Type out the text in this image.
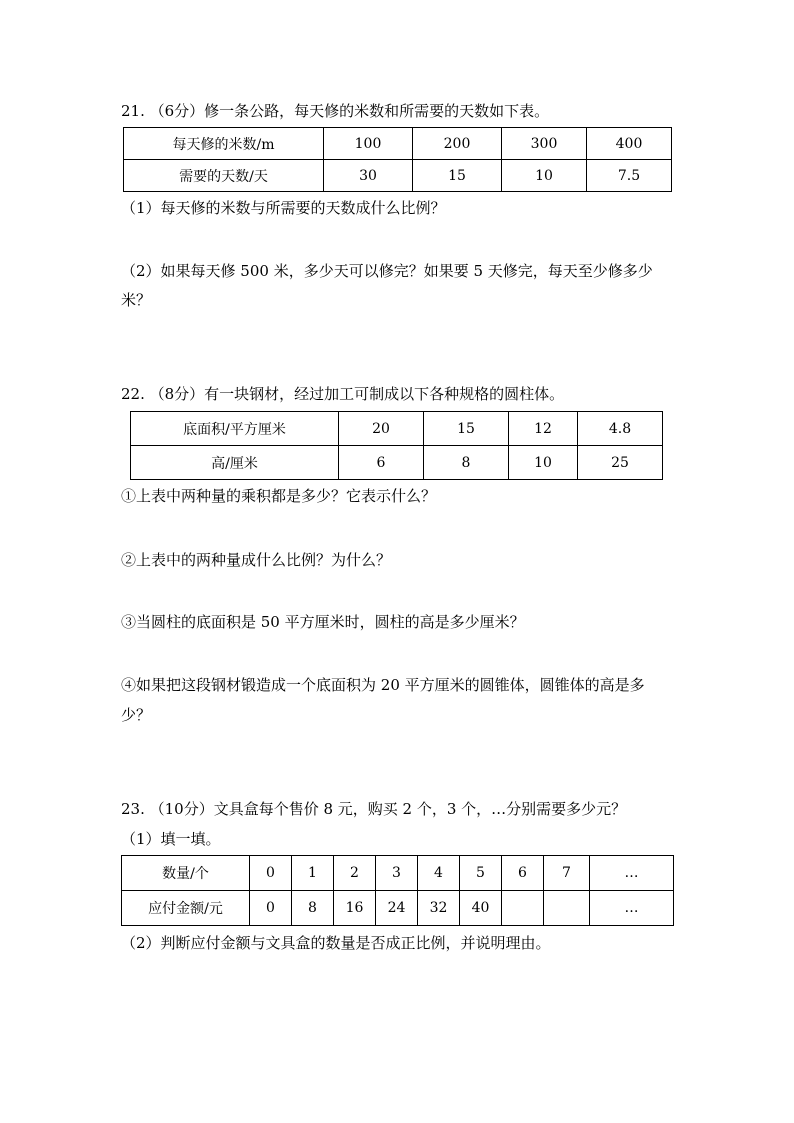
21. （6分）修一条公路，每天修的米数和所需要的天数如下表。
每天修的米数/m	100	200	300	400
需要的天数/天	30	15	10	7.5
（1）每天修的米数与所需要的天数成什么比例？
（2）如果每天修 500 米，多少天可以修完？如果要 5 天修完，每天至少修多少
米？
22. （8分）有一块钢材，经过加工可制成以下各种规格的圆柱体。
底面积/平方厘米	20	15	12	4.8
高/厘米	6	8	10	25
①上表中两种量的乘积都是多少？它表示什么？
②上表中的两种量成什么比例？为什么？
③当圆柱的底面积是 50 平方厘米时，圆柱的高是多少厘米？
④如果把这段钢材锻造成一个底面积为 20 平方厘米的圆锥体，圆锥体的高是多
少？
23. （10分）文具盒每个售价 8 元，购买 2 个，3 个，…分别需要多少元？
（1）填一填。
数量/个	0	1	2	3	4	5	6	7	…
应付金额/元	0	8	16	24	32	40			…
（2）判断应付金额与文具盒的数量是否成正比例，并说明理由。
